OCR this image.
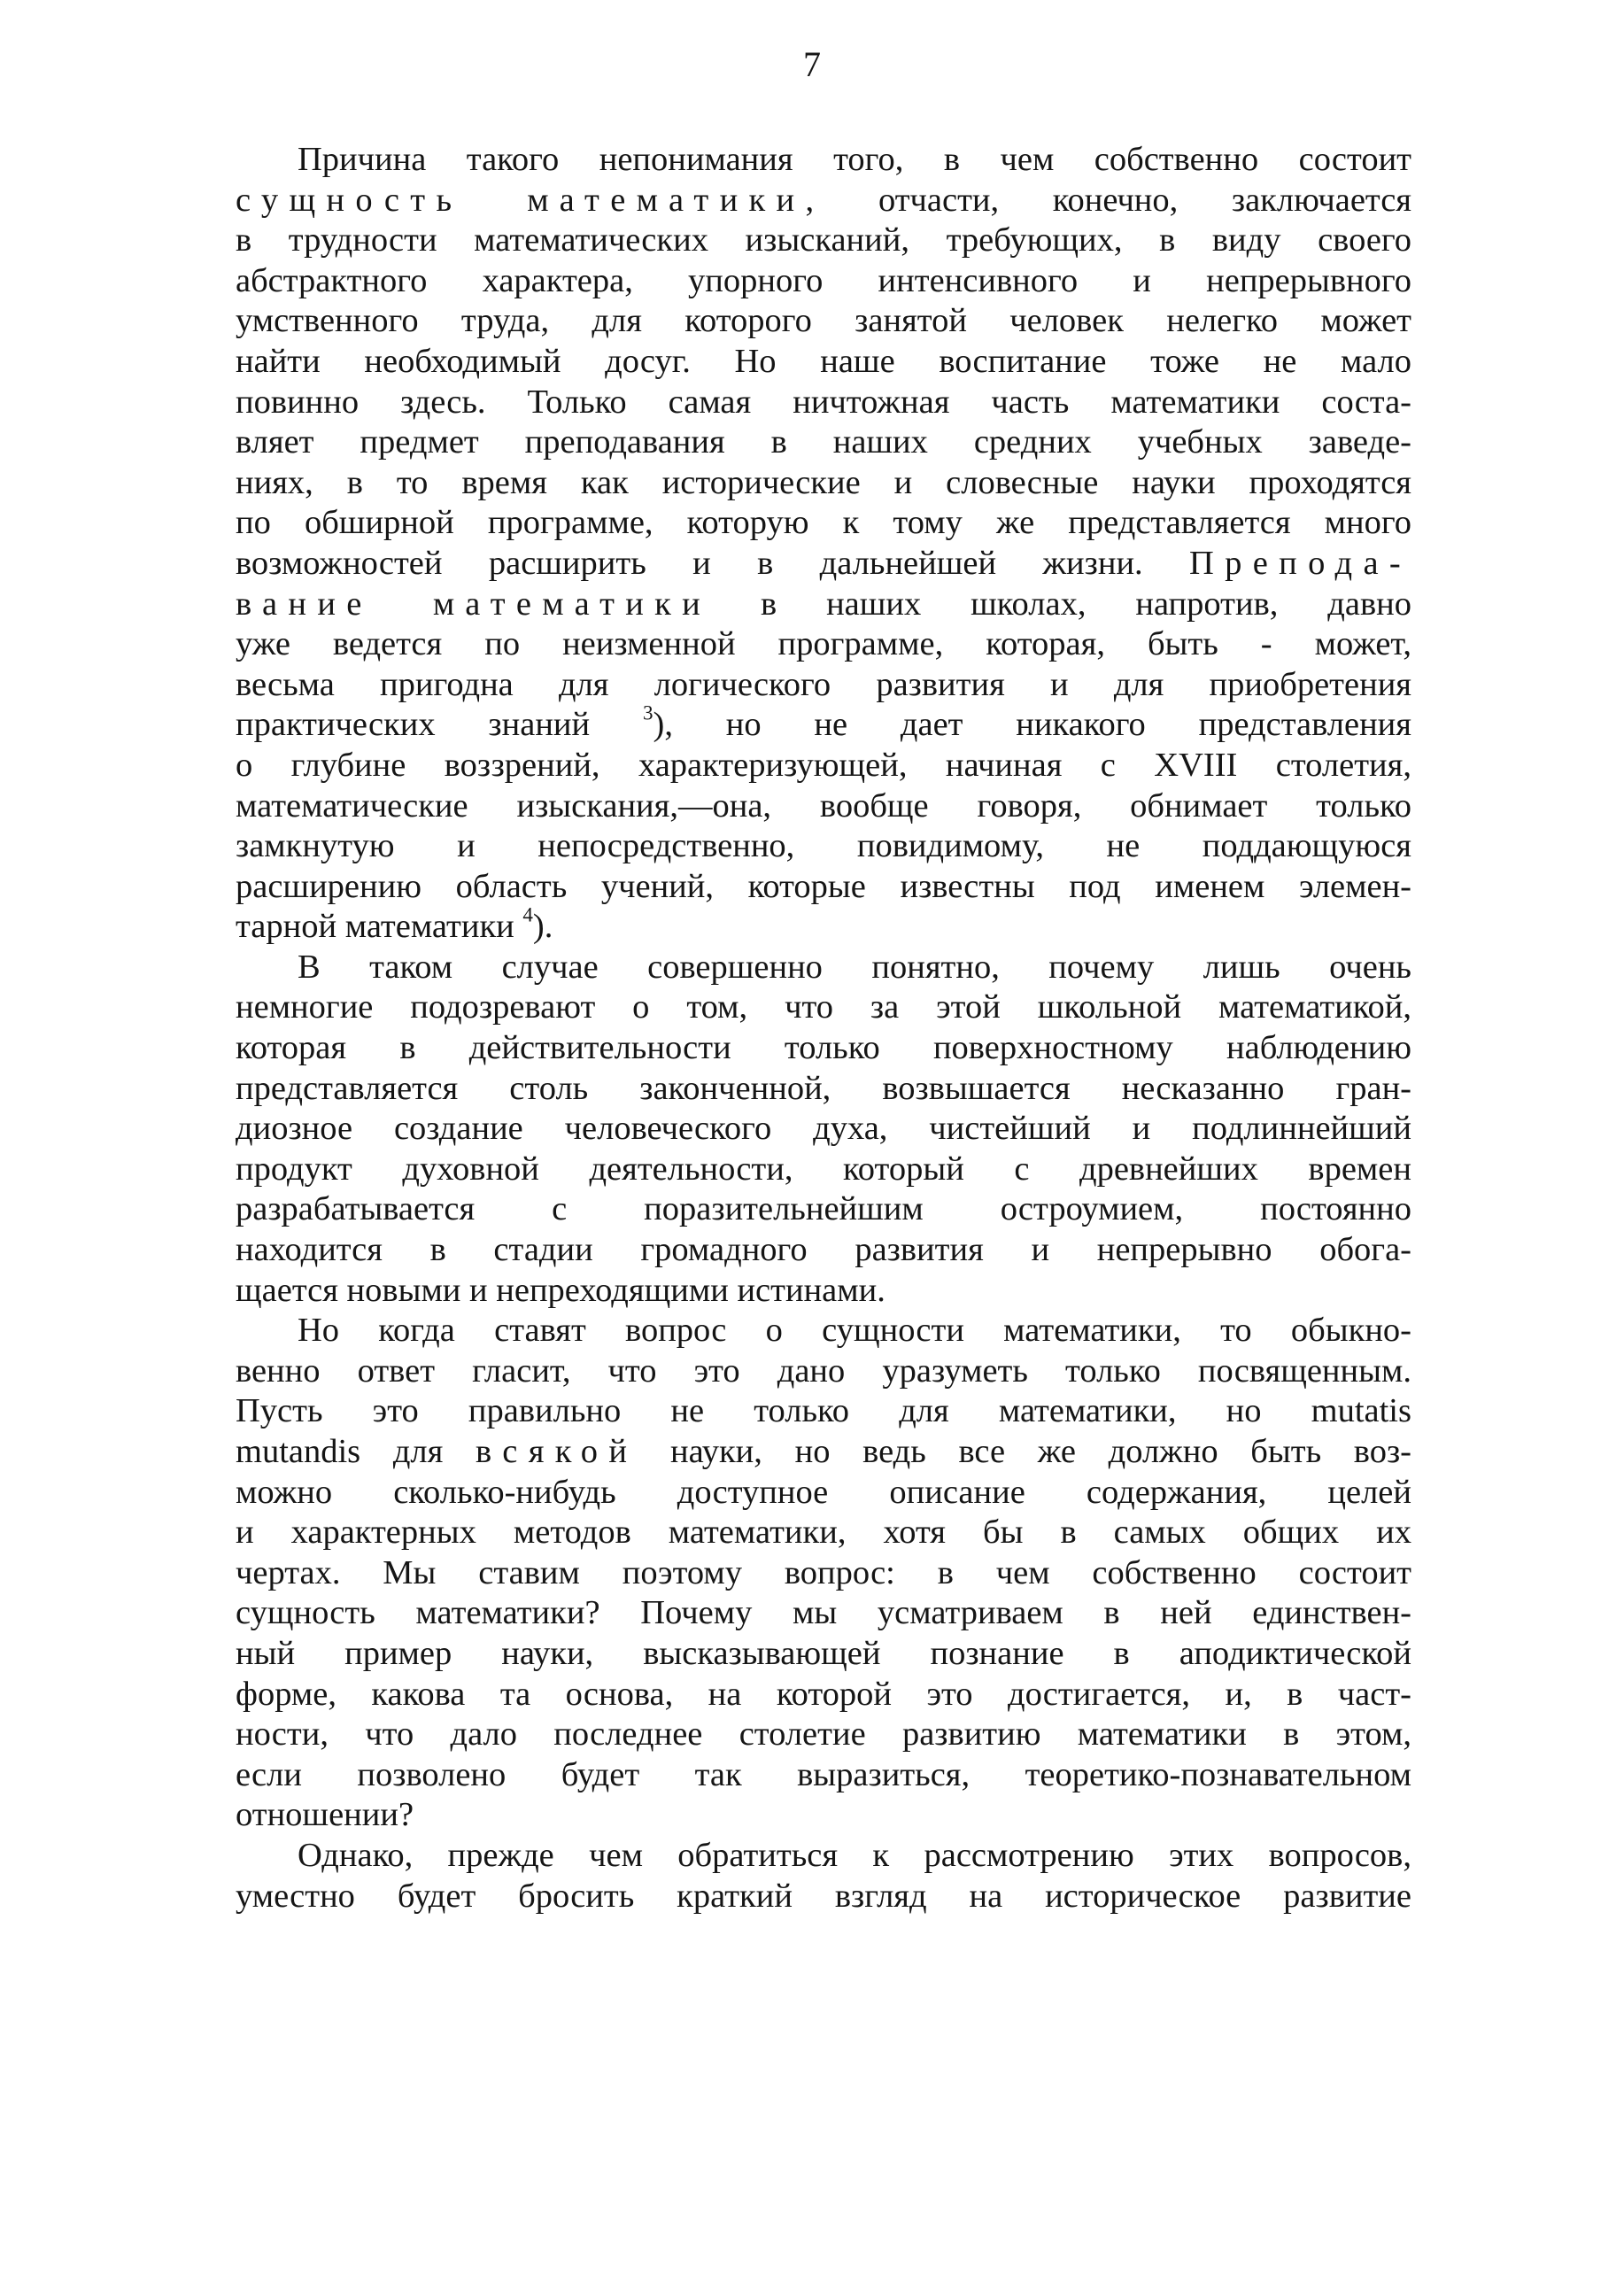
7
Причина такого непонимания того, в чем собственно состоит
сущность математики, отчасти, конечно, заключается
в трудности математических изысканий, требующих, в виду своего
абстрактного характера, упорного интенсивного и непрерывного
умственного труда, для которого занятой человек нелегко может
найти необходимый досуг. Но наше воспитание тоже не мало
повинно здесь. Только самая ничтожная часть математики соста-
вляет предмет преподавания в наших средних учебных заведе-
ниях, в то время как исторические и словесные науки проходятся
по обширной программе, которую к тому же представляется много
возможностей расширить и в дальнейшей жизни. Препода-
вание математики в наших школах, напротив, давно
уже ведется по неизменной программе, которая, быть - может,
весьма пригодна для логического развития и для приобретения
практических знаний $^3$), но не дает никакого представления
о глубине воззрений, характеризующей, начиная с XVIII столетия,
математические изыскания,—она, вообще говоря, обнимает только
замкнутую и непосредственно, повидимому, не поддающуюся
расширению область учений, которые известны под именем элемен-
тарной математики $^4$).
В таком случае совершенно понятно, почему лишь очень
немногие подозревают о том, что за этой школьной математикой,
которая в действительности только поверхностному наблюдению
представляется столь законченной, возвышается несказанно гран-
диозное создание человеческого духа, чистейший и подлиннейший
продукт духовной деятельности, который с древнейших времен
разрабатывается с поразительнейшим остроумием, постоянно
находится в стадии громадного развития и непрерывно обога-
щается новыми и непреходящими истинами.
Но когда ставят вопрос о сущности математики, то обыкно-
венно ответ гласит, что это дано уразуметь только посвященным.
Пусть это правильно не только для математики, но mutatis
mutandis для всякой науки, но ведь все же должно быть воз-
можно сколько-нибудь доступное описание содержания, целей
и характерных методов математики, хотя бы в самых общих их
чертах. Мы ставим поэтому вопрос: в чем собственно состоит
сущность математики? Почему мы усматриваем в ней единствен-
ный пример науки, высказывающей познание в аподиктической
форме, какова та основа, на которой это достигается, и, в част-
ности, что дало последнее столетие развитию математики в этом,
если позволено будет так выразиться, теоретико-познавательном
отношении?
Однако, прежде чем обратиться к рассмотрению этих вопросов,
уместно будет бросить краткий взгляд на историческое развитие
